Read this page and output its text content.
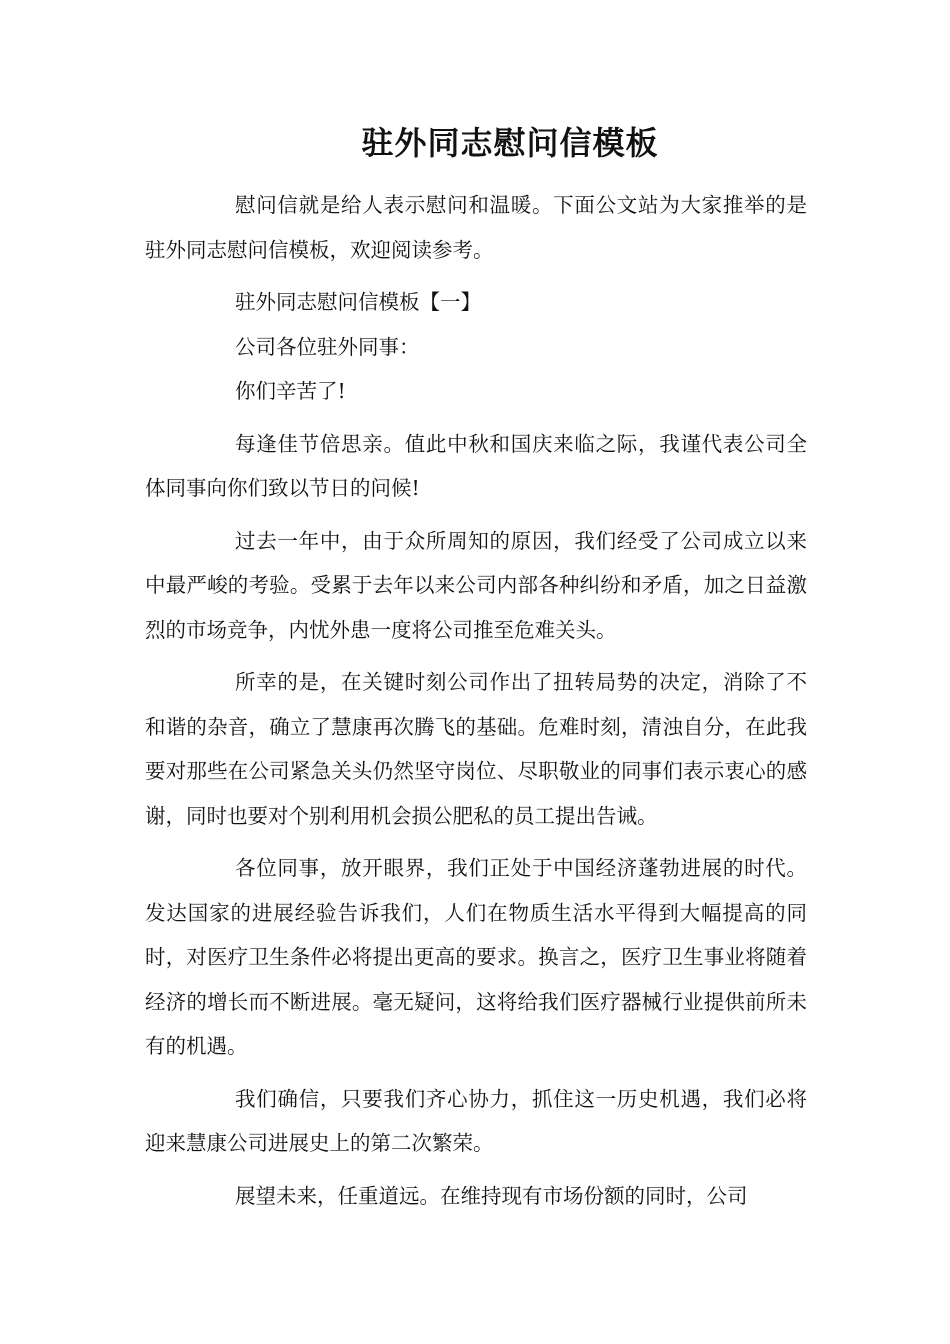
驻外同志慰问信模板

慰问信就是给人表示慰问和温暖。下面公文站为大家推举的是驻外同志慰问信模板，欢迎阅读参考。

驻外同志慰问信模板【一】

公司各位驻外同事：

你们辛苦了!

每逢佳节倍思亲。值此中秋和国庆来临之际，我谨代表公司全体同事向你们致以节日的问候!

过去一年中，由于众所周知的原因，我们经受了公司成立以来中最严峻的考验。受累于去年以来公司内部各种纠纷和矛盾，加之日益激烈的市场竞争，内忧外患一度将公司推至危难关头。

所幸的是，在关键时刻公司作出了扭转局势的决定，消除了不和谐的杂音，确立了慧康再次腾飞的基础。危难时刻，清浊自分，在此我要对那些在公司紧急关头仍然坚守岗位、尽职敬业的同事们表示衷心的感谢，同时也要对个别利用机会损公肥私的员工提出告诫。

各位同事，放开眼界，我们正处于中国经济蓬勃进展的时代。发达国家的进展经验告诉我们，人们在物质生活水平得到大幅提高的同时，对医疗卫生条件必将提出更高的要求。换言之，医疗卫生事业将随着经济的增长而不断进展。毫无疑问，这将给我们医疗器械行业提供前所未有的机遇。

我们确信，只要我们齐心协力，抓住这一历史机遇，我们必将迎来慧康公司进展史上的第二次繁荣。

展望未来，任重道远。在维持现有市场份额的同时，公司
